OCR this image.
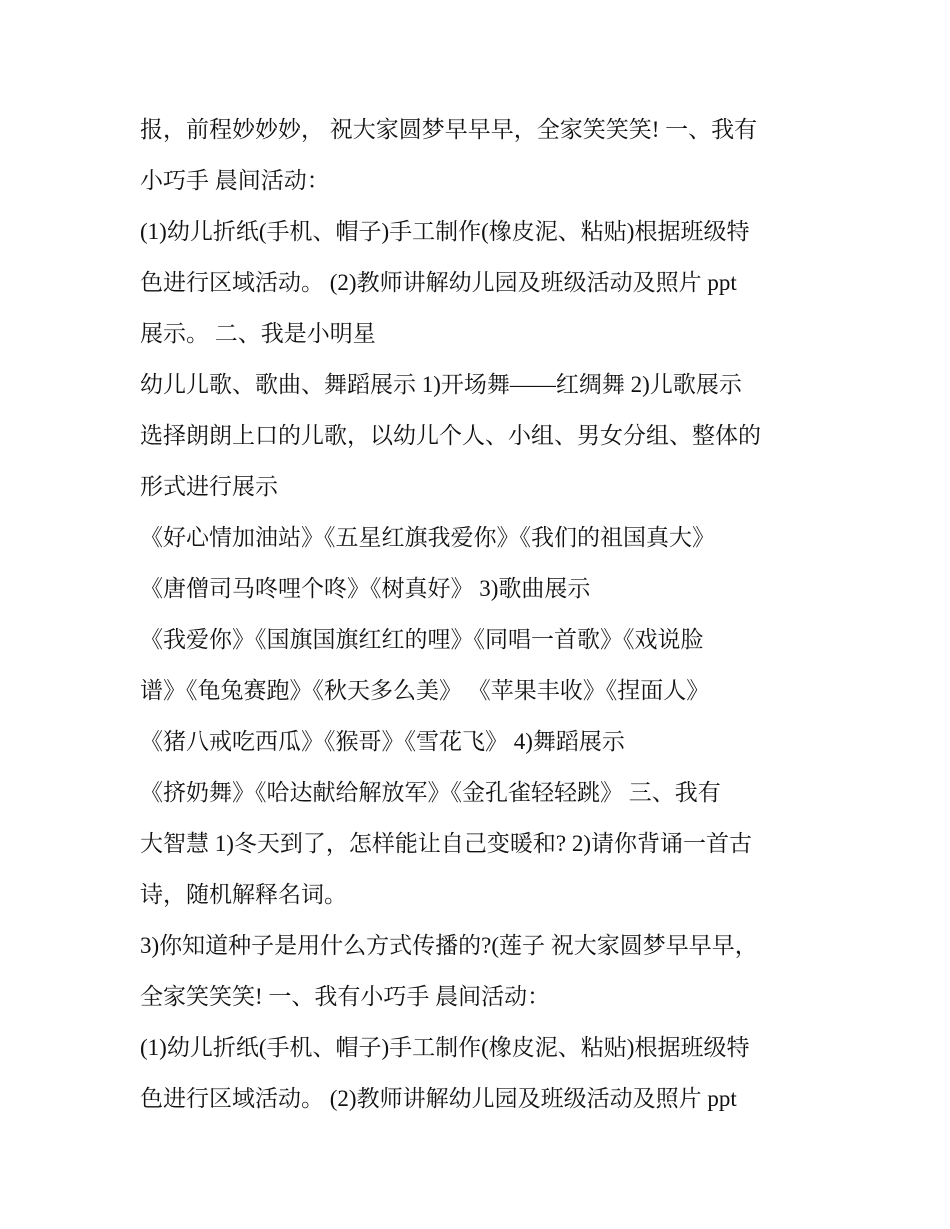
报，前程妙妙妙， 祝大家圆梦早早早，全家笑笑笑! 一、我有
小巧手 晨间活动：
(1)幼儿折纸(手机、帽子)手工制作(橡皮泥、粘贴)根据班级特
色进行区域活动。 (2)教师讲解幼儿园及班级活动及照片 ppt
展示。 二、我是小明星
幼儿儿歌、歌曲、舞蹈展示 1)开场舞——红绸舞 2)儿歌展示
选择朗朗上口的儿歌，以幼儿个人、小组、男女分组、整体的
形式进行展示
《好心情加油站》《五星红旗我爱你》《我们的祖国真大》
《唐僧司马咚哩个咚》《树真好》 3)歌曲展示
《我爱你》《国旗国旗红红的哩》《同唱一首歌》《戏说脸
谱》《龟兔赛跑》《秋天多么美》 《苹果丰收》《捏面人》
《猪八戒吃西瓜》《猴哥》《雪花飞》 4)舞蹈展示
《挤奶舞》《哈达献给解放军》《金孔雀轻轻跳》 三、我有
大智慧 1)冬天到了，怎样能让自己变暖和? 2)请你背诵一首古
诗，随机解释名词。
3)你知道种子是用什么方式传播的?(莲子 祝大家圆梦早早早，
全家笑笑笑! 一、我有小巧手 晨间活动：
(1)幼儿折纸(手机、帽子)手工制作(橡皮泥、粘贴)根据班级特
色进行区域活动。 (2)教师讲解幼儿园及班级活动及照片 ppt
